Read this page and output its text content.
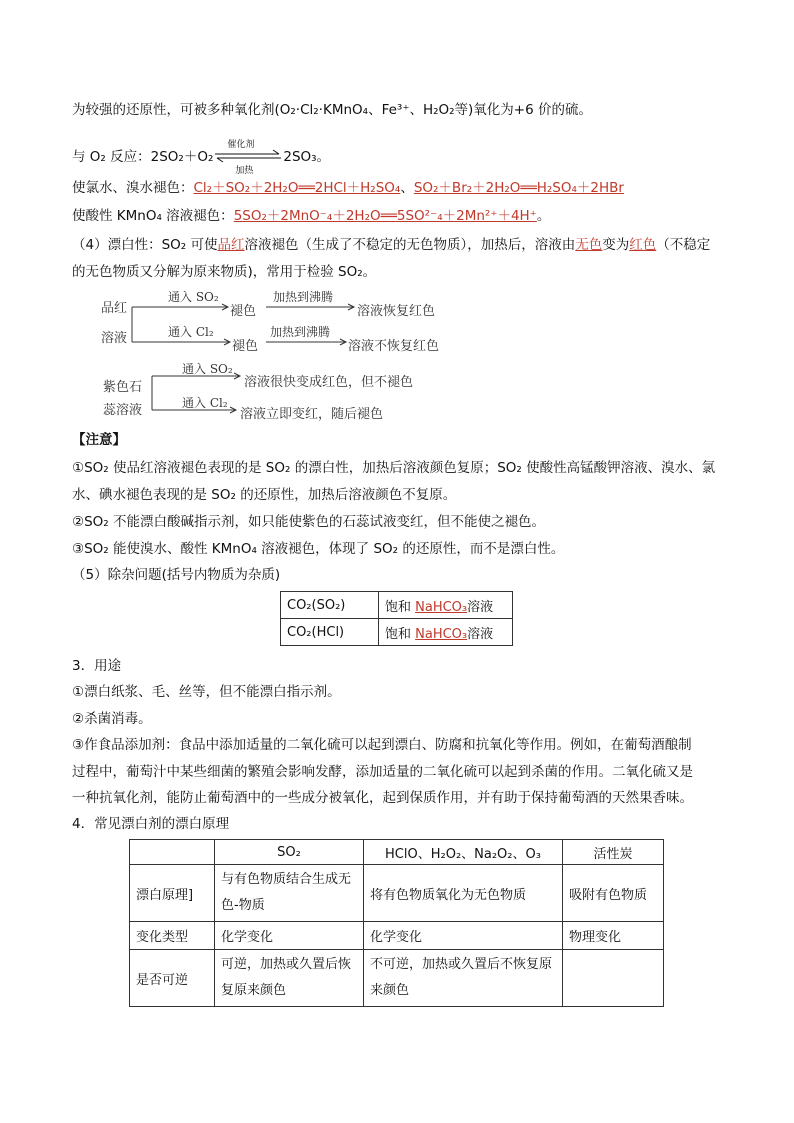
为较强的还原性，可被多种氧化剂(O₂·Cl₂·KMnO₄、Fe³⁺、H₂O₂等)氧化为+6 价的硫。
与 O₂ 反应：2SO₂＋O₂
催化剂
加热
2SO₃。
使氯水、溴水褪色：Cl₂＋SO₂＋2H₂O══2HCl＋H₂SO₄、SO₂＋Br₂＋2H₂O══H₂SO₄＋2HBr
使酸性 KMnO₄ 溶液褪色：5SO₂＋2MnO⁻₄＋2H₂O══5SO²⁻₄＋2Mn²⁺＋4H⁺。
（4）漂白性：SO₂ 可使品红溶液褪色（生成了不稳定的无色物质），加热后，溶液由无色变为红色（不稳定
的无色物质又分解为原来物质)，常用于检验 SO₂。
品红
溶液
通入 SO₂
通入 Cl₂
褪色
褪色
加热到沸腾
加热到沸腾
溶液恢复红色
溶液不恢复红色
紫色石
蕊溶液
通入 SO₂
通入 Cl₂
溶液很快变成红色，但不褪色
溶液立即变红，随后褪色
【注意】
①SO₂ 使品红溶液褪色表现的是 SO₂ 的漂白性，加热后溶液颜色复原；SO₂ 使酸性高锰酸钾溶液、溴水、氯
水、碘水褪色表现的是 SO₂ 的还原性，加热后溶液颜色不复原。
②SO₂ 不能漂白酸碱指示剂，如只能使紫色的石蕊试液变红，但不能使之褪色。
③SO₂ 能使溴水、酸性 KMnO₄ 溶液褪色，体现了 SO₂ 的还原性，而不是漂白性。
（5）除杂问题(括号内物质为杂质)
CO₂(SO₂)	饱和 NaHCO₃溶液
CO₂(HCl)	饱和 NaHCO₃溶液
3．用途
①漂白纸浆、毛、丝等，但不能漂白指示剂。
②杀菌消毒。
③作食品添加剂：食品中添加适量的二氧化硫可以起到漂白、防腐和抗氧化等作用。例如，在葡萄酒酿制
过程中，葡萄汁中某些细菌的繁殖会影响发酵，添加适量的二氧化硫可以起到杀菌的作用。二氧化硫又是
一种抗氧化剂，能防止葡萄酒中的一些成分被氧化，起到保质作用，并有助于保持葡萄酒的天然果香味。
4．常见漂白剂的漂白原理
	SO₂	HClO、H₂O₂、Na₂O₂、O₃	活性炭
漂白原理]	与有色物质结合生成无色-物质	将有色物质氧化为无色物质	吸附有色物质
变化类型	化学变化	化学变化	物理变化
是否可逆	可逆，加热或久置后恢复原来颜色	不可逆，加热或久置后不恢复原来颜色	
